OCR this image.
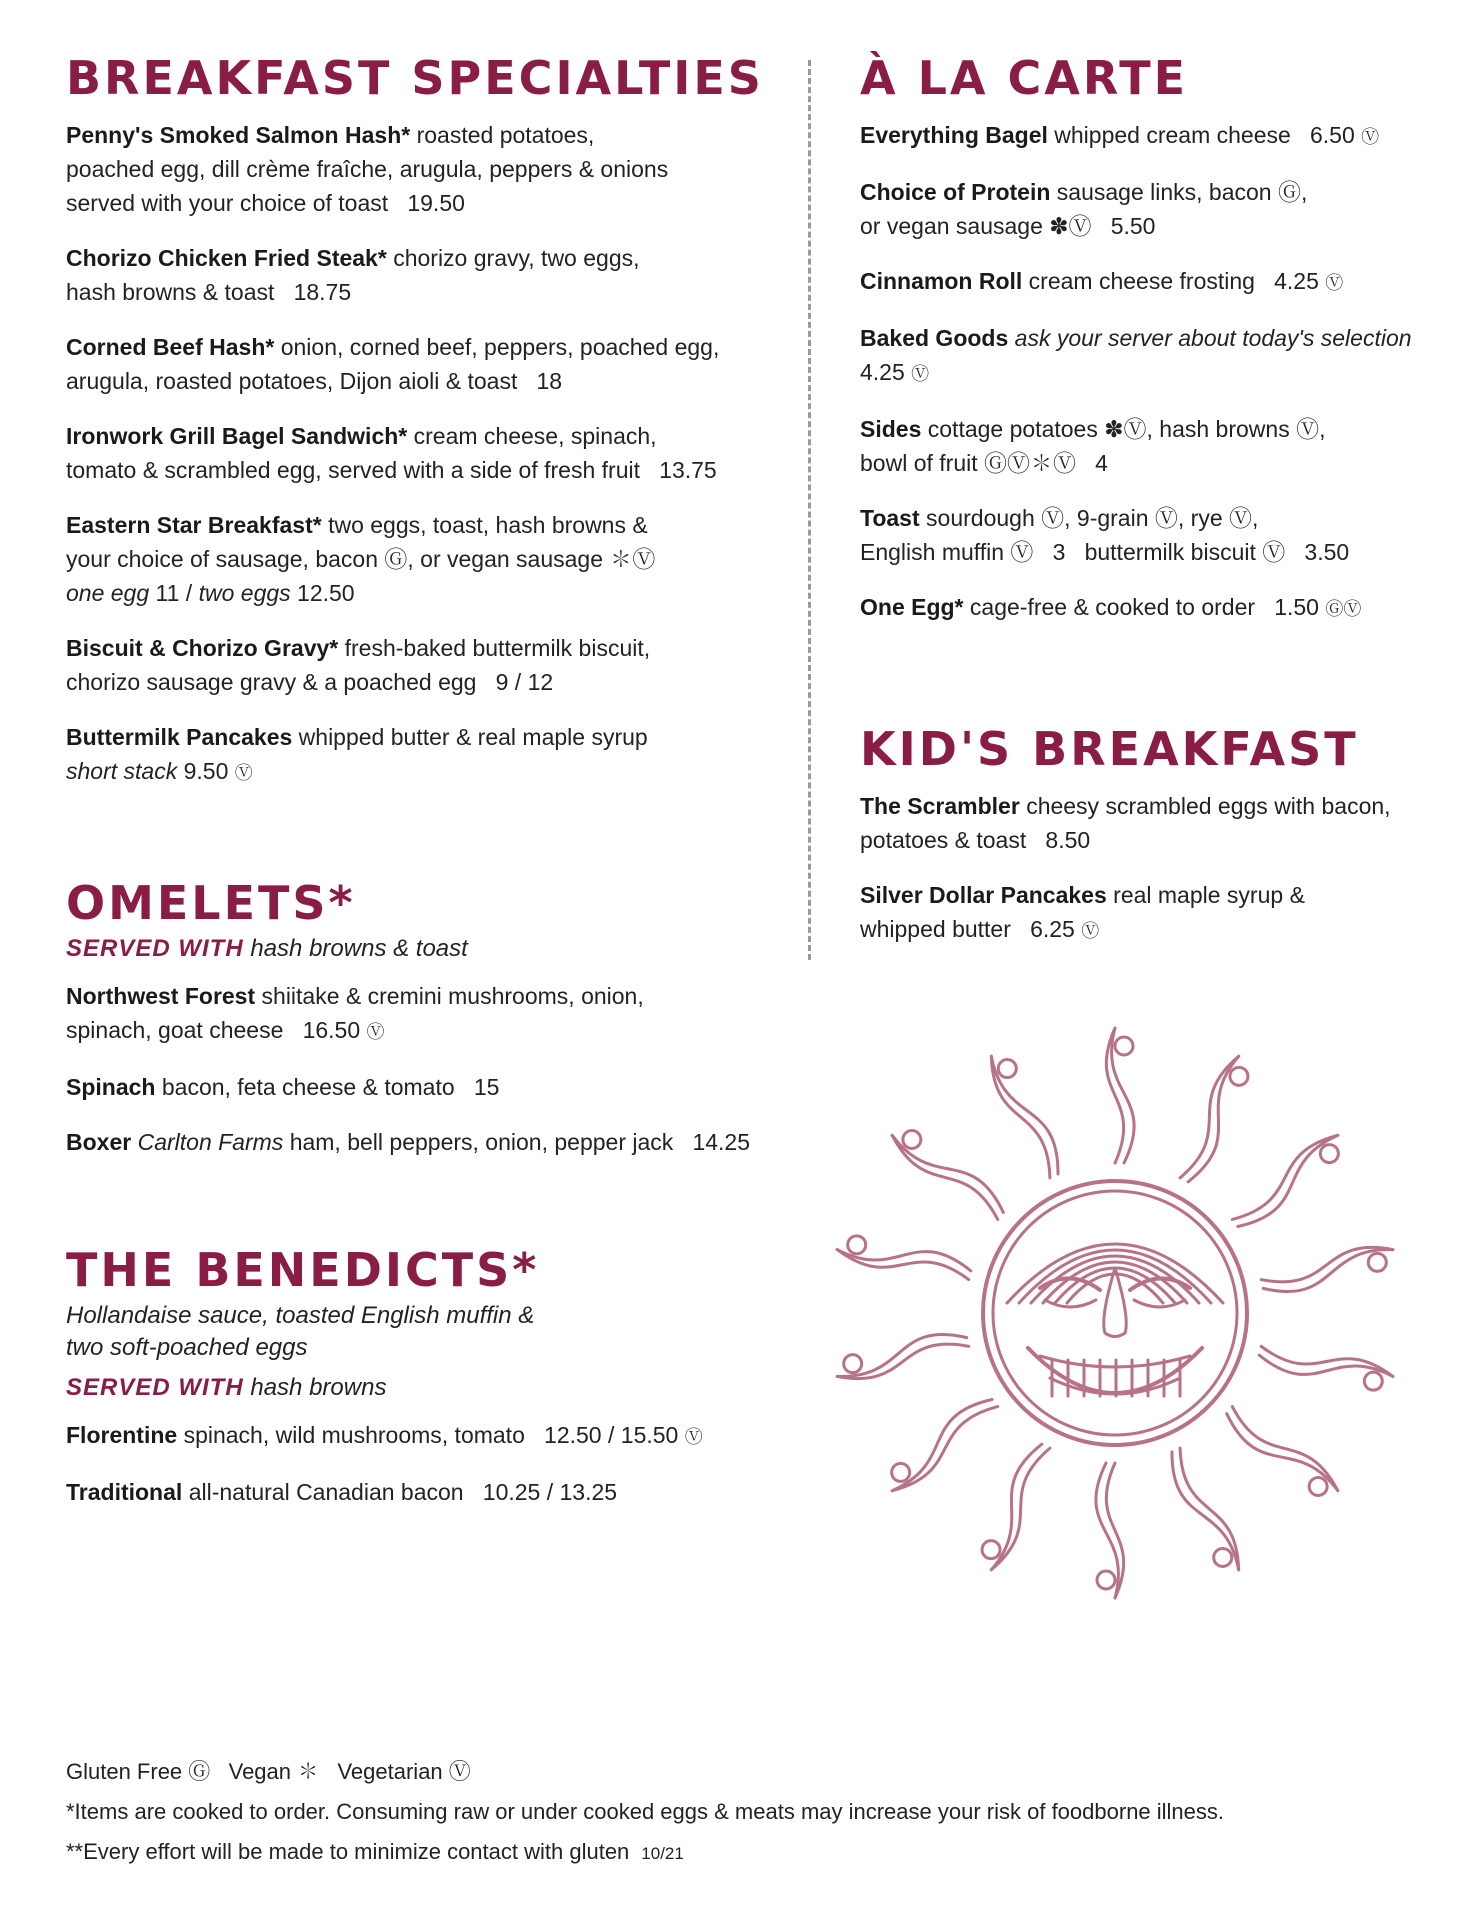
BREAKFAST SPECIALTIES
Penny's Smoked Salmon Hash* roasted potatoes,
poached egg, dill crème fraîche, arugula, peppers & onions
served with your choice of toast 19.50
Chorizo Chicken Fried Steak* chorizo gravy, two eggs,
hash browns & toast 18.75
Corned Beef Hash* onion, corned beef, peppers, poached egg,
arugula, roasted potatoes, Dijon aioli & toast 18
Ironwork Grill Bagel Sandwich* cream cheese, spinach,
tomato & scrambled egg, served with a side of fresh fruit 13.75
Eastern Star Breakfast* two eggs, toast, hash browns &
your choice of sausage, bacon Ⓖ, or vegan sausage ✽Ⓥ
one egg 11 / two eggs 12.50
Biscuit & Chorizo Gravy* fresh-baked buttermilk biscuit,
chorizo sausage gravy & a poached egg 9 / 12
Buttermilk Pancakes whipped butter & real maple syrup
short stack 9.50 Ⓥ
OMELETS*
SERVED WITH hash browns & toast
Northwest Forest shiitake & cremini mushrooms, onion,
spinach, goat cheese 16.50 Ⓥ
Spinach bacon, feta cheese & tomato 15
Boxer Carlton Farms ham, bell peppers, onion, pepper jack 14.25
THE BENEDICTS*
Hollandaise sauce, toasted English muffin &
two soft-poached eggs
SERVED WITH hash browns
Florentine spinach, wild mushrooms, tomato 12.50 / 15.50 Ⓥ
Traditional all-natural Canadian bacon 10.25 / 13.25
À LA CARTE
Everything Bagel whipped cream cheese 6.50 Ⓥ
Choice of Protein sausage links, bacon Ⓖ,
or vegan sausage ✽Ⓥ 5.50
Cinnamon Roll cream cheese frosting 4.25 Ⓥ
Baked Goods ask your server about today's selection
4.25 Ⓥ
Sides cottage potatoes ✽Ⓥ, hash browns Ⓥ,
bowl of fruit ⒼⓋ✽Ⓥ 4
Toast sourdough Ⓥ, 9-grain Ⓥ, rye Ⓥ,
English muffin Ⓥ 3 buttermilk biscuit Ⓥ 3.50
One Egg* cage-free & cooked to order 1.50 ⒼⓋ
KID'S BREAKFAST
The Scrambler cheesy scrambled eggs with bacon,
potatoes & toast 8.50
Silver Dollar Pancakes real maple syrup &
whipped butter 6.25 Ⓥ
Gluten Free Ⓖ   Vegan ✽   Vegetarian Ⓥ
*Items are cooked to order. Consuming raw or under cooked eggs & meats may increase your risk of foodborne illness.
**Every effort will be made to minimize contact with gluten 10/21
